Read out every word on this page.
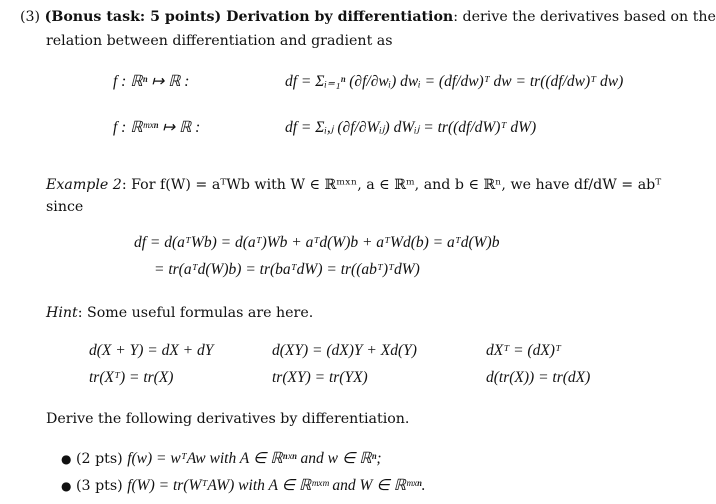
(3) (Bonus task: 5 points) Derivation by differentiation: derive the derivatives based on the
relation between differentiation and gradient as
f : ℝⁿ ↦ ℝ :	df = Σᵢ₌₁ⁿ (∂f/∂wᵢ) dwᵢ = (df/dw)ᵀ dw = tr((df/dw)ᵀ dw)
f : ℝᵐˣⁿ ↦ ℝ :	df = Σᵢ,ⱼ (∂f/∂Wᵢⱼ) dWᵢⱼ = tr((df/dW)ᵀ dW)
Example 2: For f(W) = aᵀWb with W ∈ ℝᵐˣⁿ, a ∈ ℝᵐ, and b ∈ ℝⁿ, we have df/dW = abᵀ
since
df = d(aᵀWb) = d(aᵀ)Wb + aᵀd(W)b + aᵀWd(b) = aᵀd(W)b
= tr(aᵀd(W)b) = tr(baᵀdW) = tr((abᵀ)ᵀdW)
Hint: Some useful formulas are here.
d(X + Y) = dX + dY	d(XY) = (dX)Y + Xd(Y)	dXᵀ = (dX)ᵀ
tr(Xᵀ) = tr(X)	tr(XY) = tr(YX)	d(tr(X)) = tr(dX)
Derive the following derivatives by differentiation.
● (2 pts) f(w) = wᵀAw with A ∈ ℝⁿˣⁿ and w ∈ ℝⁿ;
● (3 pts) f(W) = tr(WᵀAW) with A ∈ ℝᵐˣᵐ and W ∈ ℝᵐˣⁿ.
